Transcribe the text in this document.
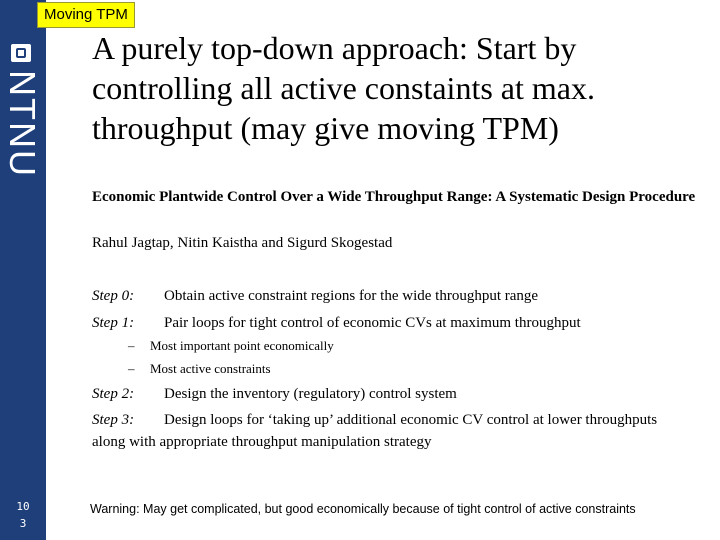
NTNU
10
3
Moving TPM
A purely top-down approach: Start by controlling all active constaints at max. throughput (may give moving TPM)
Economic Plantwide Control Over a Wide Throughput Range: A Systematic Design Procedure
Rahul Jagtap, Nitin Kaistha and Sigurd Skogestad
Step 0: Obtain active constraint regions for the wide throughput range
Step 1: Pair loops for tight control of economic CVs at maximum throughput
– Most important point economically
– Most active constraints
Step 2: Design the inventory (regulatory) control system
Step 3: Design loops for ‘taking up’ additional economic CV control at lower throughputs along with appropriate throughput manipulation strategy
Warning: May get complicated, but good economically because of tight control of active constraints
